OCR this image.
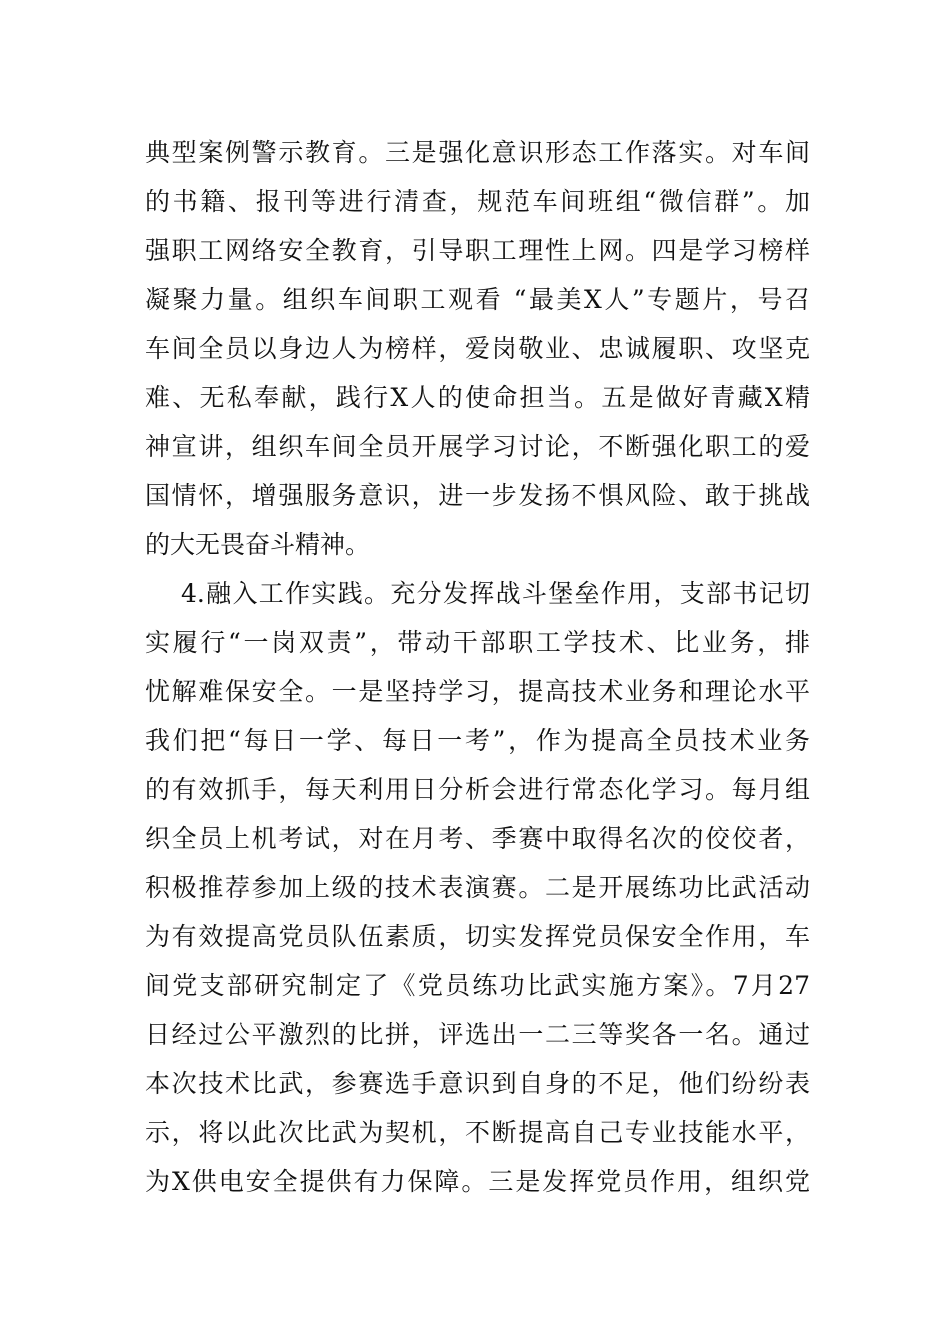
典型案例警示教育。三是强化意识形态工作落实。对车间
的书籍、报刊等进行清查，规范车间班组“微信群”。加
强职工网络安全教育，引导职工理性上网。四是学习榜样
凝聚力量。组织车间职工观看 “最美X人”专题片，号召
车间全员以身边人为榜样，爱岗敬业、忠诚履职、攻坚克
难、无私奉献，践行X人的使命担当。五是做好青藏X精
神宣讲，组织车间全员开展学习讨论，不断强化职工的爱
国情怀，增强服务意识，进一步发扬不惧风险、敢于挑战
的大无畏奋斗精神。
4.融入工作实践。充分发挥战斗堡垒作用，支部书记切
实履行“一岗双责”，带动干部职工学技术、比业务，排
忧解难保安全。一是坚持学习，提高技术业务和理论水平
我们把“每日一学、每日一考”，作为提高全员技术业务
的有效抓手，每天利用日分析会进行常态化学习。每月组
织全员上机考试，对在月考、季赛中取得名次的佼佼者，
积极推荐参加上级的技术表演赛。二是开展练功比武活动
为有效提高党员队伍素质，切实发挥党员保安全作用，车
间党支部研究制定了《党员练功比武实施方案》。7月27
日经过公平激烈的比拼，评选出一二三等奖各一名。通过
本次技术比武，参赛选手意识到自身的不足，他们纷纷表
示，将以此次比武为契机，不断提高自己专业技能水平，
为X供电安全提供有力保障。三是发挥党员作用，组织党
